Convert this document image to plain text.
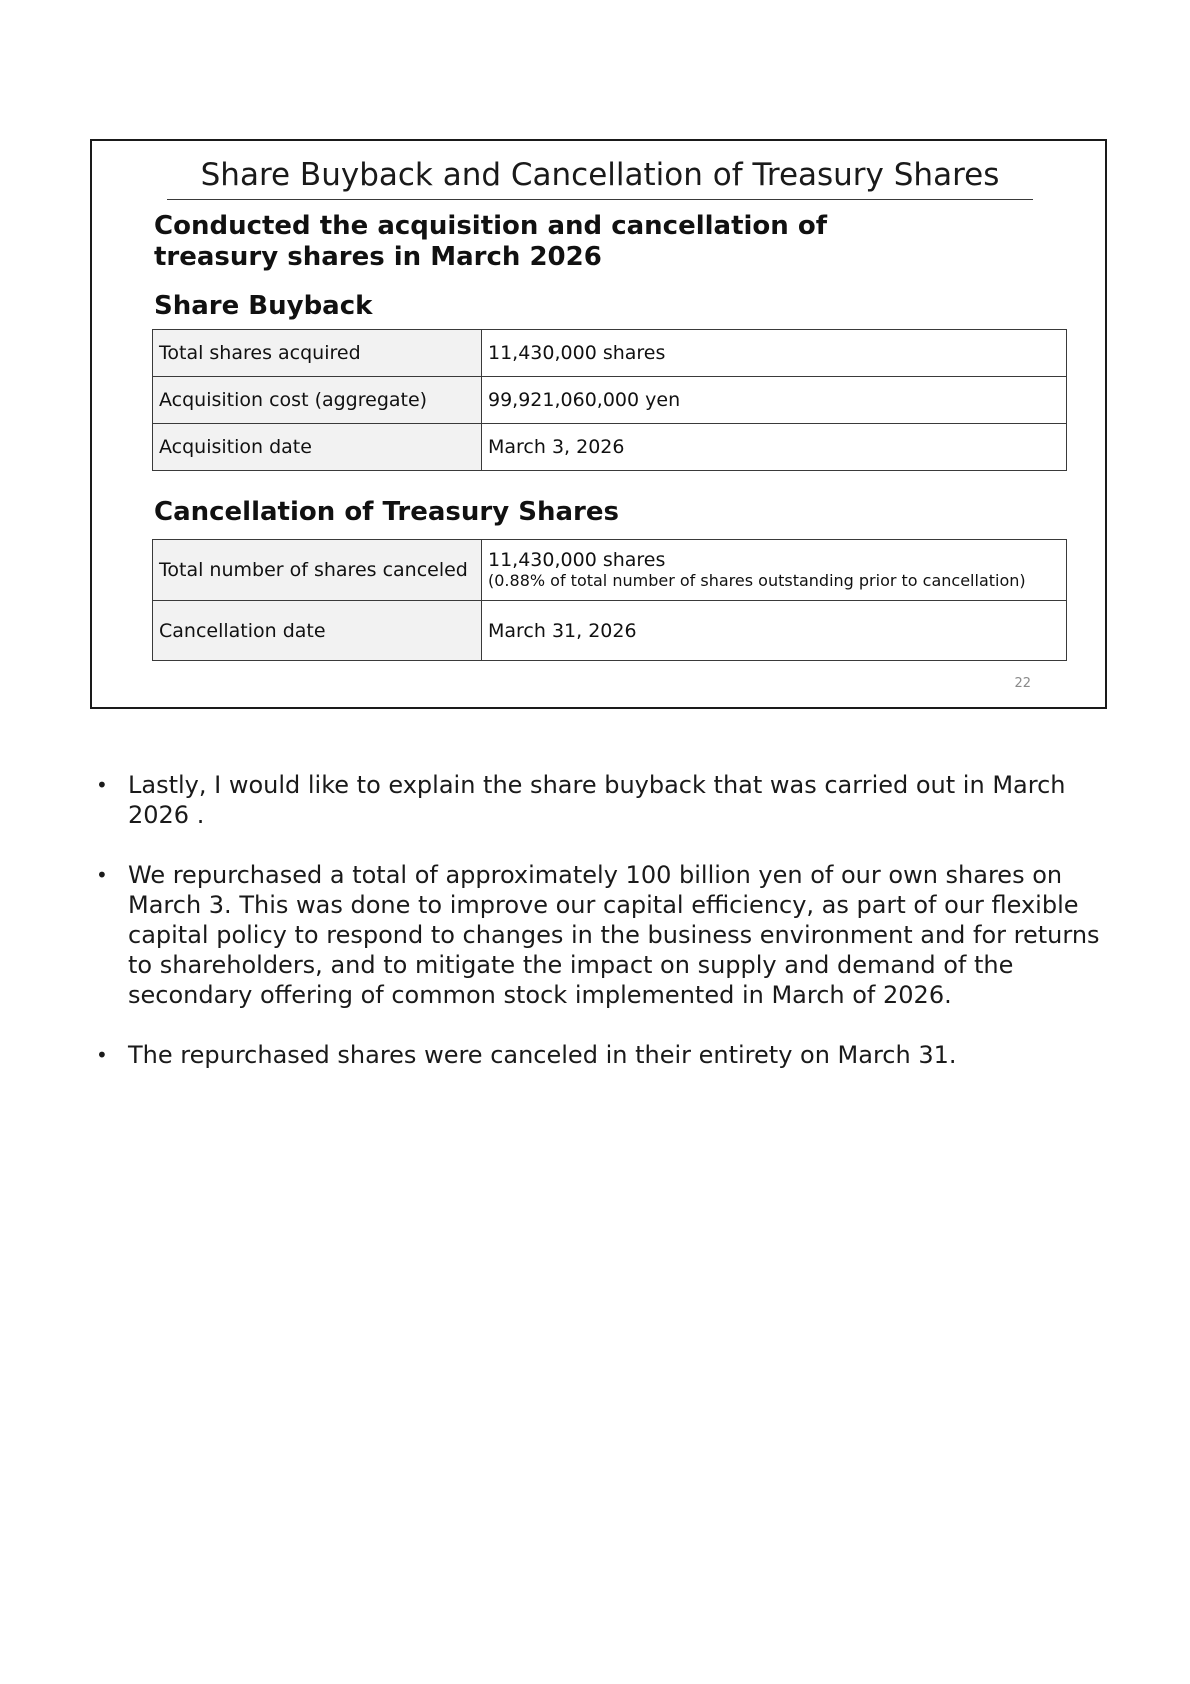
Share Buyback and Cancellation of Treasury Shares
Conducted the acquisition and cancellation of treasury shares in March 2026
Share Buyback
Total shares acquired	11,430,000 shares
Acquisition cost (aggregate)	99,921,060,000 yen
Acquisition date	March 3, 2026
Cancellation of Treasury Shares
Total number of shares canceled	11,430,000 shares
(0.88% of total number of shares outstanding prior to cancellation)

Cancellation date	March 31, 2026
22
• Lastly, I would like to explain the share buyback that was carried out in March 2026 .
• We repurchased a total of approximately 100 billion yen of our own shares on March 3. This was done to improve our capital efficiency, as part of our flexible capital policy to respond to changes in the business environment and for returns to shareholders, and to mitigate the impact on supply and demand of the secondary offering of common stock implemented in March of 2026.
• The repurchased shares were canceled in their entirety on March 31.
